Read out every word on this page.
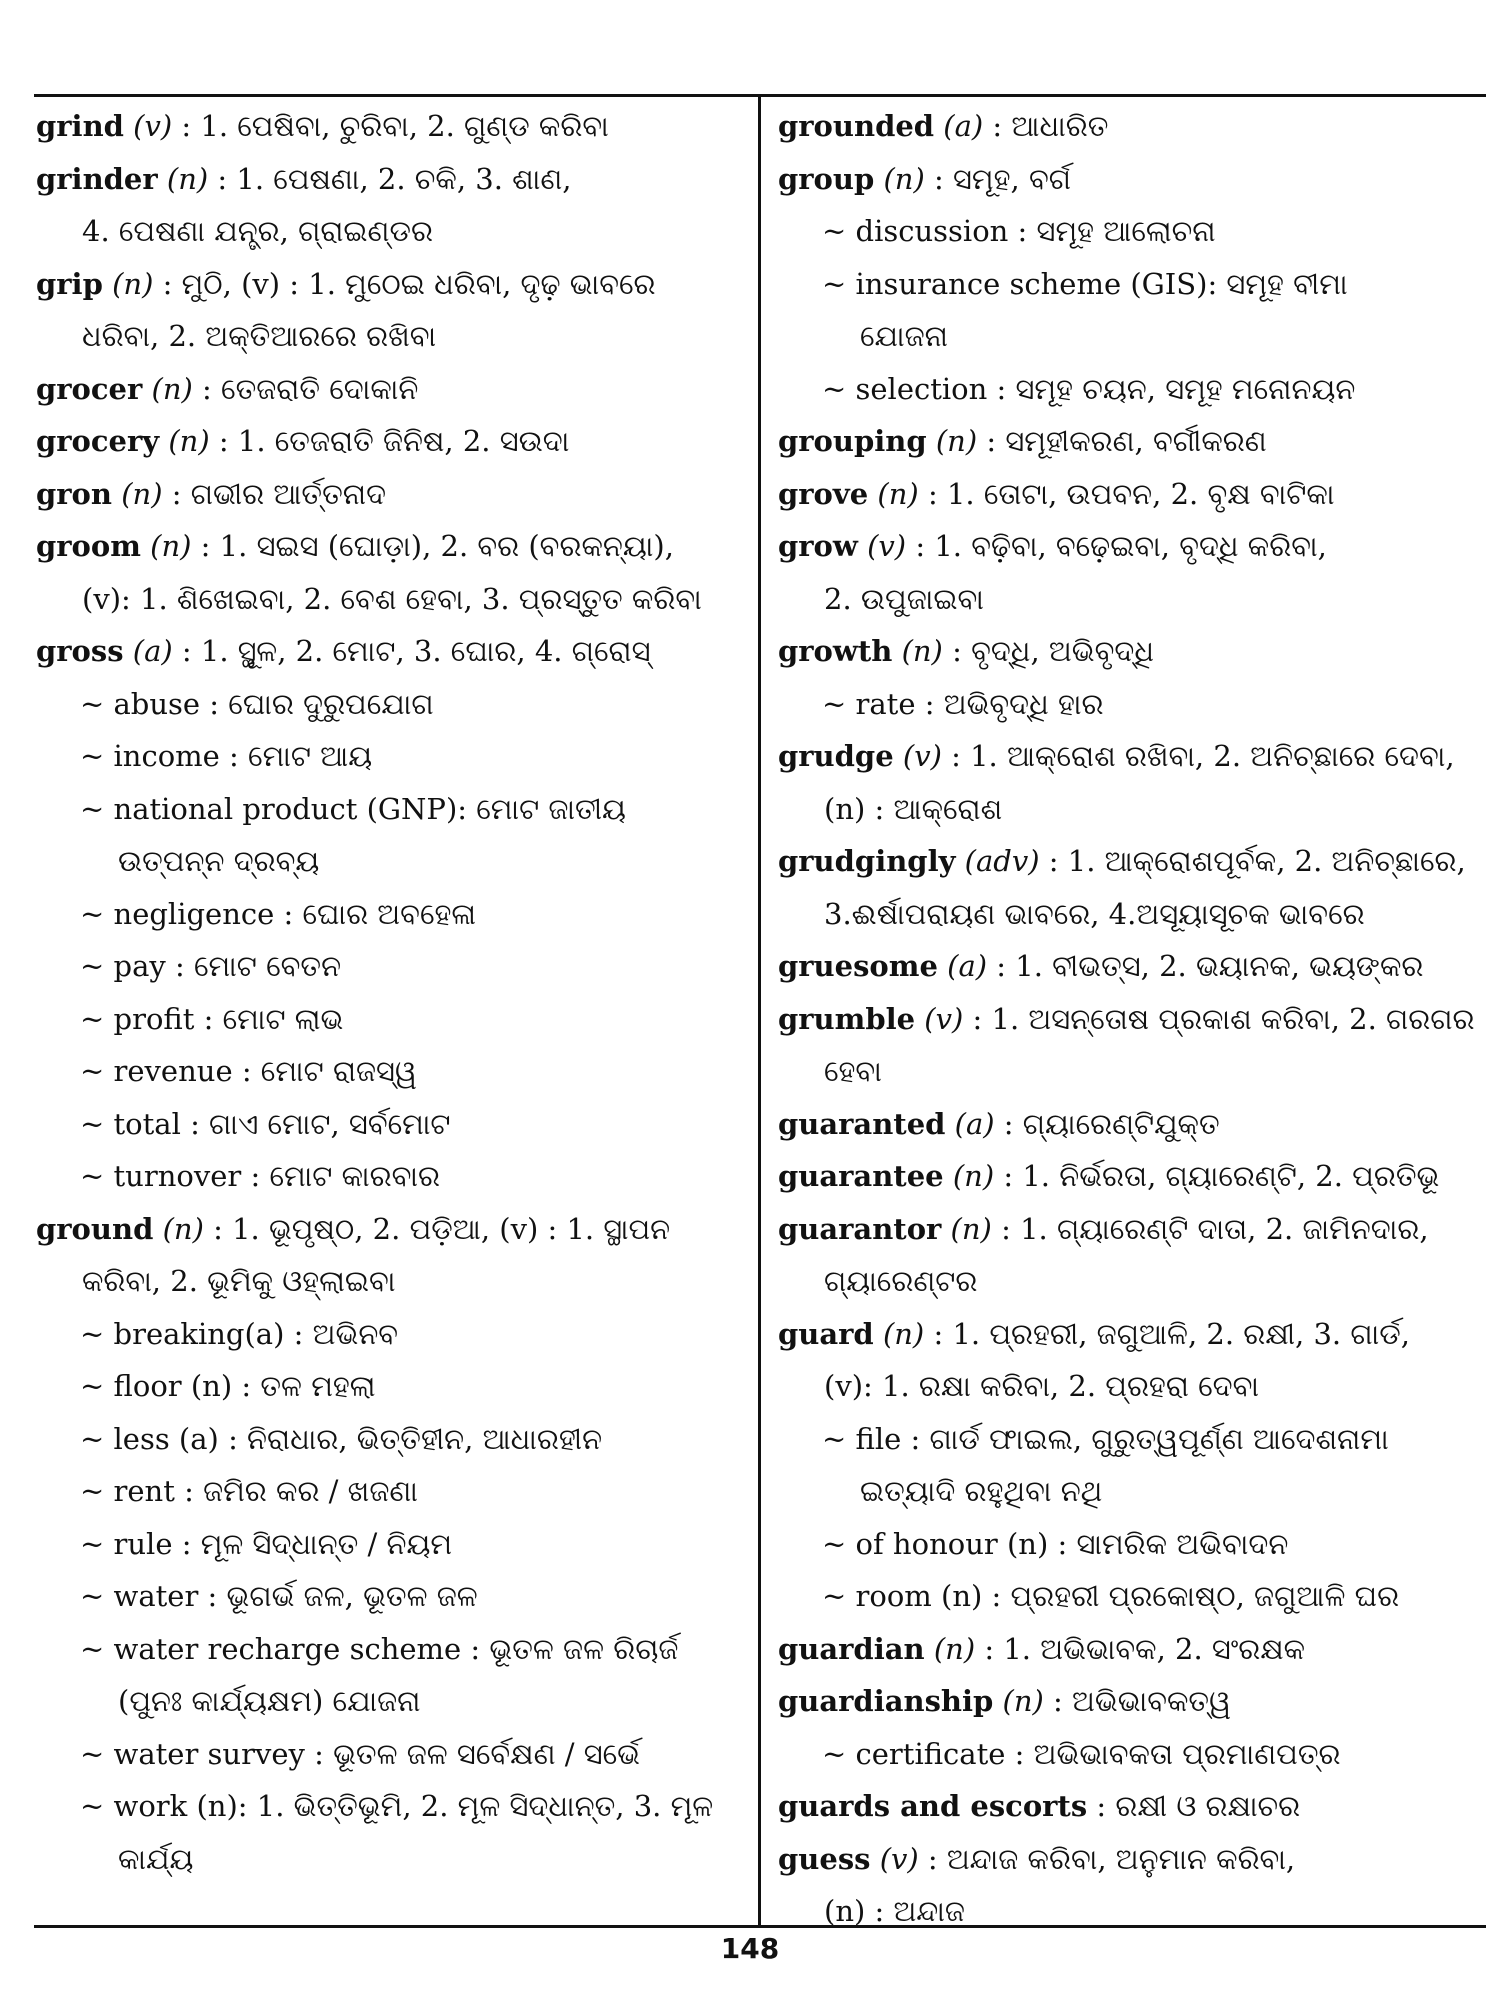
grind (v) : 1. ପେଷିବା, ଚୁରିବା, 2. ଗୁଣ୍ଡ କରିବା
grinder (n) : 1. ପେଷଣା, 2. ଚକି, 3. ଶାଣ,
4. ପେଷଣା ଯନ୍ତ୍ର, ଗ୍ରାଇଣ୍ଡର
grip (n) : ମୁଠି, (v) : 1. ମୁଠେଇ ଧରିବା, ଦୃଢ଼ ଭାବରେ
ଧରିବା, 2. ଅକ୍ତିଆରରେ ରଖିବା
grocer (n) : ତେଜରାତି ଦୋକାନି
grocery (n) : 1. ତେଜରାତି ଜିନିଷ, 2. ସଉଦା
gron (n) : ଗଭୀର ଆର୍ତ୍ତନାଦ
groom (n) : 1. ସଇସ (ଘୋଡ଼ା), 2. ବର (ବରକନ୍ୟା),
(v): 1. ଶିଖେଇବା, 2. ବେଶ ହେବା, 3. ପ୍ରସ୍ତୁତ କରିବା
gross (a) : 1. ସ୍ଥୂଳ, 2. ମୋଟ, 3. ଘୋର, 4. ଗ୍ରୋସ୍
~ abuse : ଘୋର ଦୁରୁପଯୋଗ
~ income : ମୋଟ ଆୟ
~ national product (GNP): ମୋଟ ଜାତୀୟ
ଉତ୍ପନ୍ନ ଦ୍ରବ୍ୟ
~ negligence : ଘୋର ଅବହେଳା
~ pay : ମୋଟ ବେତନ
~ profit : ମୋଟ ଲାଭ
~ revenue : ମୋଟ ରାଜସ୍ୱ
~ total : ଗାଏ ମୋଟ, ସର୍ବମୋଟ
~ turnover : ମୋଟ କାରବାର
ground (n) : 1. ଭୂପୃଷ୍ଠ, 2. ପଡ଼ିଆ, (v) : 1. ସ୍ଥାପନ
କରିବା, 2. ଭୂମିକୁ ଓହ୍ଲାଇବା
~ breaking(a) : ଅଭିନବ
~ floor (n) : ତଳ ମହଲା
~ less (a) : ନିରାଧାର, ଭିତ୍ତିହୀନ, ଆଧାରହୀନ
~ rent : ଜମିର କର / ଖଜଣା
~ rule : ମୂଳ ସିଦ୍ଧାନ୍ତ / ନିୟମ
~ water : ଭୂଗର୍ଭ ଜଳ, ଭୂତଳ ଜଳ
~ water recharge scheme : ଭୂତଳ ଜଳ ରିଚାର୍ଜ
(ପୁନଃ କାର୍ଯ୍ୟକ୍ଷମ) ଯୋଜନା
~ water survey : ଭୂତଳ ଜଳ ସର୍ବେକ୍ଷଣ / ସର୍ଭେ
~ work (n): 1. ଭିତ୍ତିଭୂମି, 2. ମୂଳ ସିଦ୍ଧାନ୍ତ, 3. ମୂଳ
କାର୍ଯ୍ୟ
grounded (a) : ଆଧାରିତ
group (n) : ସମୂହ, ବର୍ଗ
~ discussion : ସମୂହ ଆଲୋଚନା
~ insurance scheme (GIS): ସମୂହ ବୀମା
ଯୋଜନା
~ selection : ସମୂହ ଚୟନ, ସମୂହ ମନୋନୟନ
grouping (n) : ସମୂହୀକରଣ, ବର୍ଗୀକରଣ
grove (n) : 1. ତୋଟା, ଉପବନ, 2. ବୃକ୍ଷ ବାଟିକା
grow (v) : 1. ବଢ଼ିବା, ବଢ଼େଇବା, ବୃଦ୍ଧି କରିବା,
2. ଉପୁଜାଇବା
growth (n) : ବୃଦ୍ଧି, ଅଭିବୃଦ୍ଧି
~ rate : ଅଭିବୃଦ୍ଧି ହାର
grudge (v) : 1. ଆକ୍ରୋଶ ରଖିବା, 2. ଅନିଚ୍ଛାରେ ଦେବା,
(n) : ଆକ୍ରୋଶ
grudgingly (adv) : 1. ଆକ୍ରୋଶପୂର୍ବକ, 2. ଅନିଚ୍ଛାରେ,
3.ଈର୍ଷାପରାୟଣ ଭାବରେ, 4.ଅସୂୟାସୂଚକ ଭାବରେ
gruesome (a) : 1. ବୀଭତ୍ସ, 2. ଭୟାନକ, ଭୟଙ୍କର
grumble (v) : 1. ଅସନ୍ତୋଷ ପ୍ରକାଶ କରିବା, 2. ଗରଗର
ହେବା
guaranted (a) : ଗ୍ୟାରେଣ୍ଟିଯୁକ୍ତ
guarantee (n) : 1. ନିର୍ଭରତା, ଗ୍ୟାରେଣ୍ଟି, 2. ପ୍ରତିଭୂ
guarantor (n) : 1. ଗ୍ୟାରେଣ୍ଟି ଦାତା, 2. ଜାମିନଦାର,
ଗ୍ୟାରେଣ୍ଟର
guard (n) : 1. ପ୍ରହରୀ, ଜଗୁଆଳି, 2. ରକ୍ଷୀ, 3. ଗାର୍ଡ,
(v): 1. ରକ୍ଷା କରିବା, 2. ପ୍ରହରା ଦେବା
~ file : ଗାର୍ଡ ଫାଇଲ, ଗୁରୁତ୍ୱପୂର୍ଣ୍ଣ ଆଦେଶନାମା
ଇତ୍ୟାଦି ରହୁଥିବା ନଥି
~ of honour (n) : ସାମରିକ ଅଭିବାଦନ
~ room (n) : ପ୍ରହରୀ ପ୍ରକୋଷ୍ଠ, ଜଗୁଆଳି ଘର
guardian (n) : 1. ଅଭିଭାବକ, 2. ସଂରକ୍ଷକ
guardianship (n) : ଅଭିଭାବକତ୍ୱ
~ certificate : ଅଭିଭାବକତା ପ୍ରମାଣପତ୍ର
guards and escorts : ରକ୍ଷୀ ଓ ରକ୍ଷାଚର
guess (v) : ଅନ୍ଦାଜ କରିବା, ଅନୁମାନ କରିବା,
(n) : ଅନ୍ଦାଜ
148
